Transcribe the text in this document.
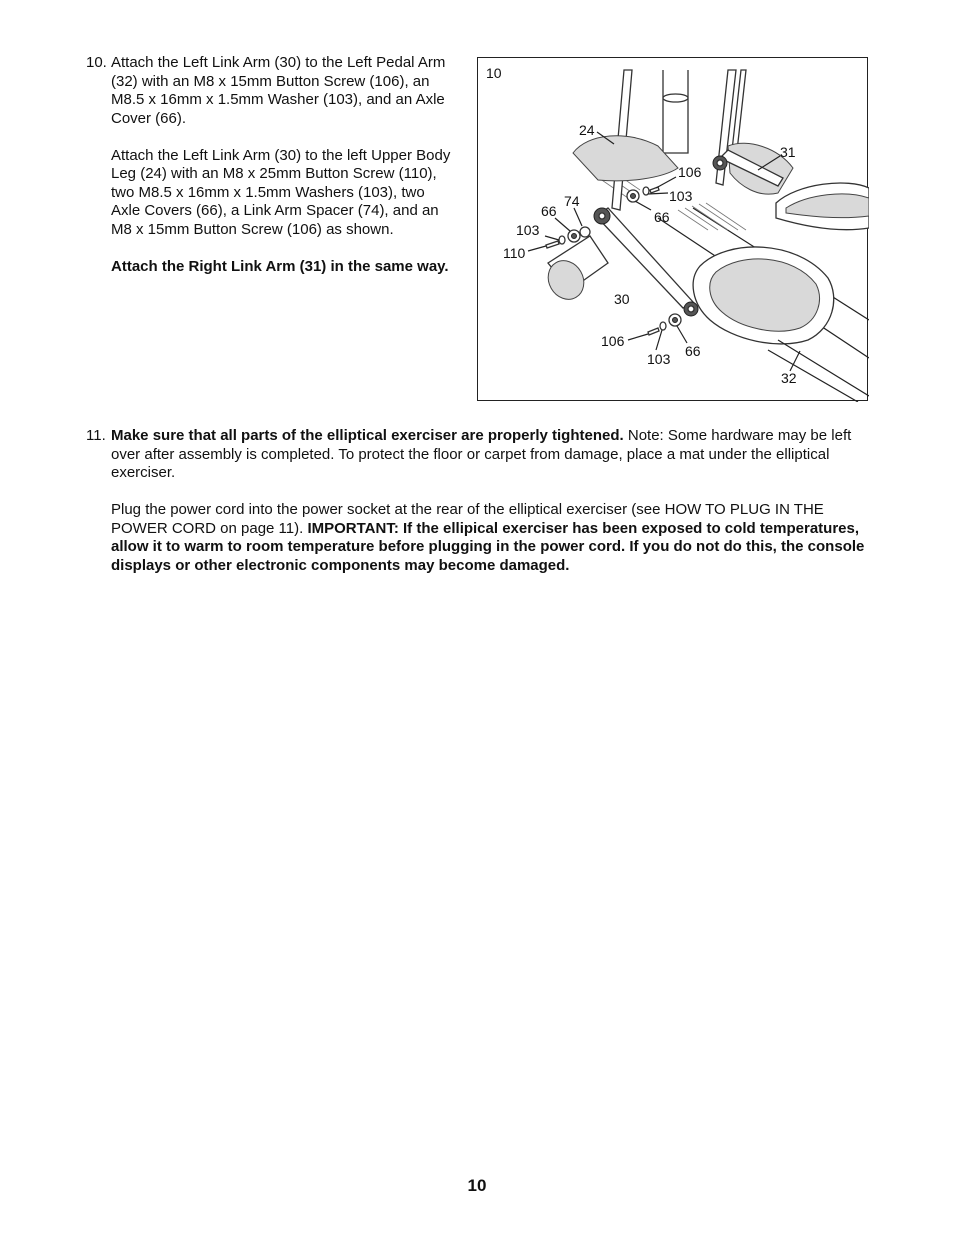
10. Attach the Left Link Arm (30) to the Left Pedal Arm (32) with an M8 x 15mm Button Screw (106), an M8.5 x 16mm x 1.5mm Washer (103), and an Axle Cover (66).

Attach the Left Link Arm (30) to the left Upper Body Leg (24) with an M8 x 25mm Button Screw (110), two M8.5 x 16mm x 1.5mm Washers (103), two Axle Covers (66), a Link Arm Spacer (74), and an M8 x 15mm Button Screw (106) as shown.

Attach the Right Link Arm (31) in the same way.

10
24
31
106
103
66
74
66
103
110
30
106
103 66
32
11. Make sure that all parts of the elliptical exerciser are properly tightened. Note: Some hardware may be left over after assembly is completed. To protect the floor or carpet from damage, place a mat under the elliptical exerciser.

Plug the power cord into the power socket at the rear of the elliptical exerciser (see HOW TO PLUG IN THE POWER CORD on page 11). IMPORTANT: If the ellipical exerciser has been exposed to cold temperatures, allow it to warm to room temperature before plugging in the power cord. If you do not do this, the console displays or other electronic components may become damaged.

10
